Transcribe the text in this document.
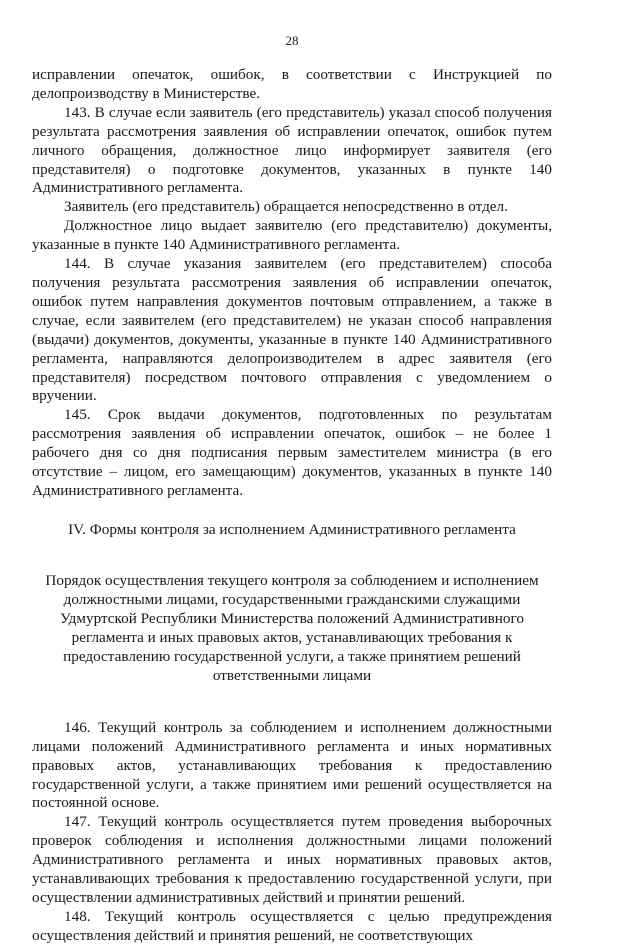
28

исправлении опечаток, ошибок, в соответствии с Инструкцией по делопроизводству в Министерстве.

143. В случае если заявитель (его представитель) указал способ получения результата рассмотрения заявления об исправлении опечаток, ошибок путем личного обращения, должностное лицо информирует заявителя (его представителя) о подготовке документов, указанных в пункте 140 Административного регламента.

Заявитель (его представитель) обращается непосредственно в отдел.

Должностное лицо выдает заявителю (его представителю) документы, указанные в пункте 140 Административного регламента.

144. В случае указания заявителем (его представителем) способа получения результата рассмотрения заявления об исправлении опечаток, ошибок путем направления документов почтовым отправлением, а также в случае, если заявителем (его представителем) не указан способ направления (выдачи) документов, документы, указанные в пункте 140 Административного регламента, направляются делопроизводителем в адрес заявителя (его представителя) посредством почтового отправления с уведомлением о вручении.

145. Срок выдачи документов, подготовленных по результатам рассмотрения заявления об исправлении опечаток, ошибок – не более 1 рабочего дня со дня подписания первым заместителем министра (в его отсутствие – лицом, его замещающим) документов, указанных в пункте 140 Административного регламента.

IV. Формы контроля за исполнением Административного регламента
Порядок осуществления текущего контроля за соблюдением и исполнением должностными лицами, государственными гражданскими служащими Удмуртской Республики Министерства положений Административного регламента и иных правовых актов, устанавливающих требования к предоставлению государственной услуги, а также принятием решений ответственными лицами

146. Текущий контроль за соблюдением и исполнением должностными лицами положений Административного регламента и иных нормативных правовых актов, устанавливающих требования к предоставлению государственной услуги, а также принятием ими решений осуществляется на постоянной основе.

147. Текущий контроль осуществляется путем проведения выборочных проверок соблюдения и исполнения должностными лицами положений Административного регламента и иных нормативных правовых актов, устанавливающих требования к предоставлению государственной услуги, при осуществлении административных действий и принятии решений.

148. Текущий контроль осуществляется с целью предупреждения осуществления действий и принятия решений, не соответствующих
